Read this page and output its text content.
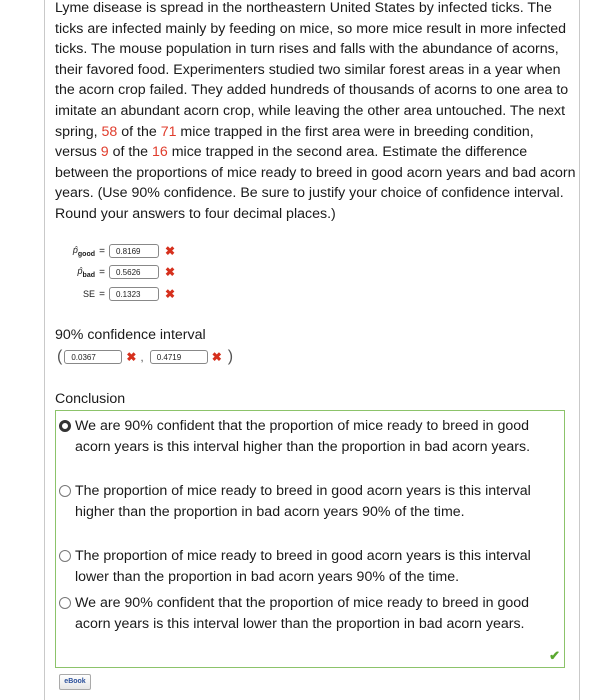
Lyme disease is spread in the northeastern United States by infected ticks. The ticks are infected mainly by feeding on mice, so more mice result in more infected ticks. The mouse population in turn rises and falls with the abundance of acorns, their favored food. Experimenters studied two similar forest areas in a year when the acorn crop failed. They added hundreds of thousands of acorns to one area to imitate an abundant acorn crop, while leaving the other area untouched. The next spring, 58 of the 71 mice trapped in the first area were in breeding condition, versus 9 of the 16 mice trapped in the second area. Estimate the difference between the proportions of mice ready to breed in good acorn years and bad acorn years. (Use 90% confidence. Be sure to justify your choice of confidence interval. Round your answers to four decimal places.)
$p̂_{good}$ =	0.8169	✖
$p̂_{bad}$ =	0.5626	✖
SE =	0.1323	✖
90% confidence interval
(	0.0367	✖ ,	0.4719	✖ )
Conclusion
We are 90% confident that the proportion of mice ready to breed in good acorn years is this interval higher than the proportion in bad acorn years.
The proportion of mice ready to breed in good acorn years is this interval higher than the proportion in bad acorn years 90% of the time.
The proportion of mice ready to breed in good acorn years is this interval lower than the proportion in bad acorn years 90% of the time.
We are 90% confident that the proportion of mice ready to breed in good acorn years is this interval lower than the proportion in bad acorn years.
✔
eBook
